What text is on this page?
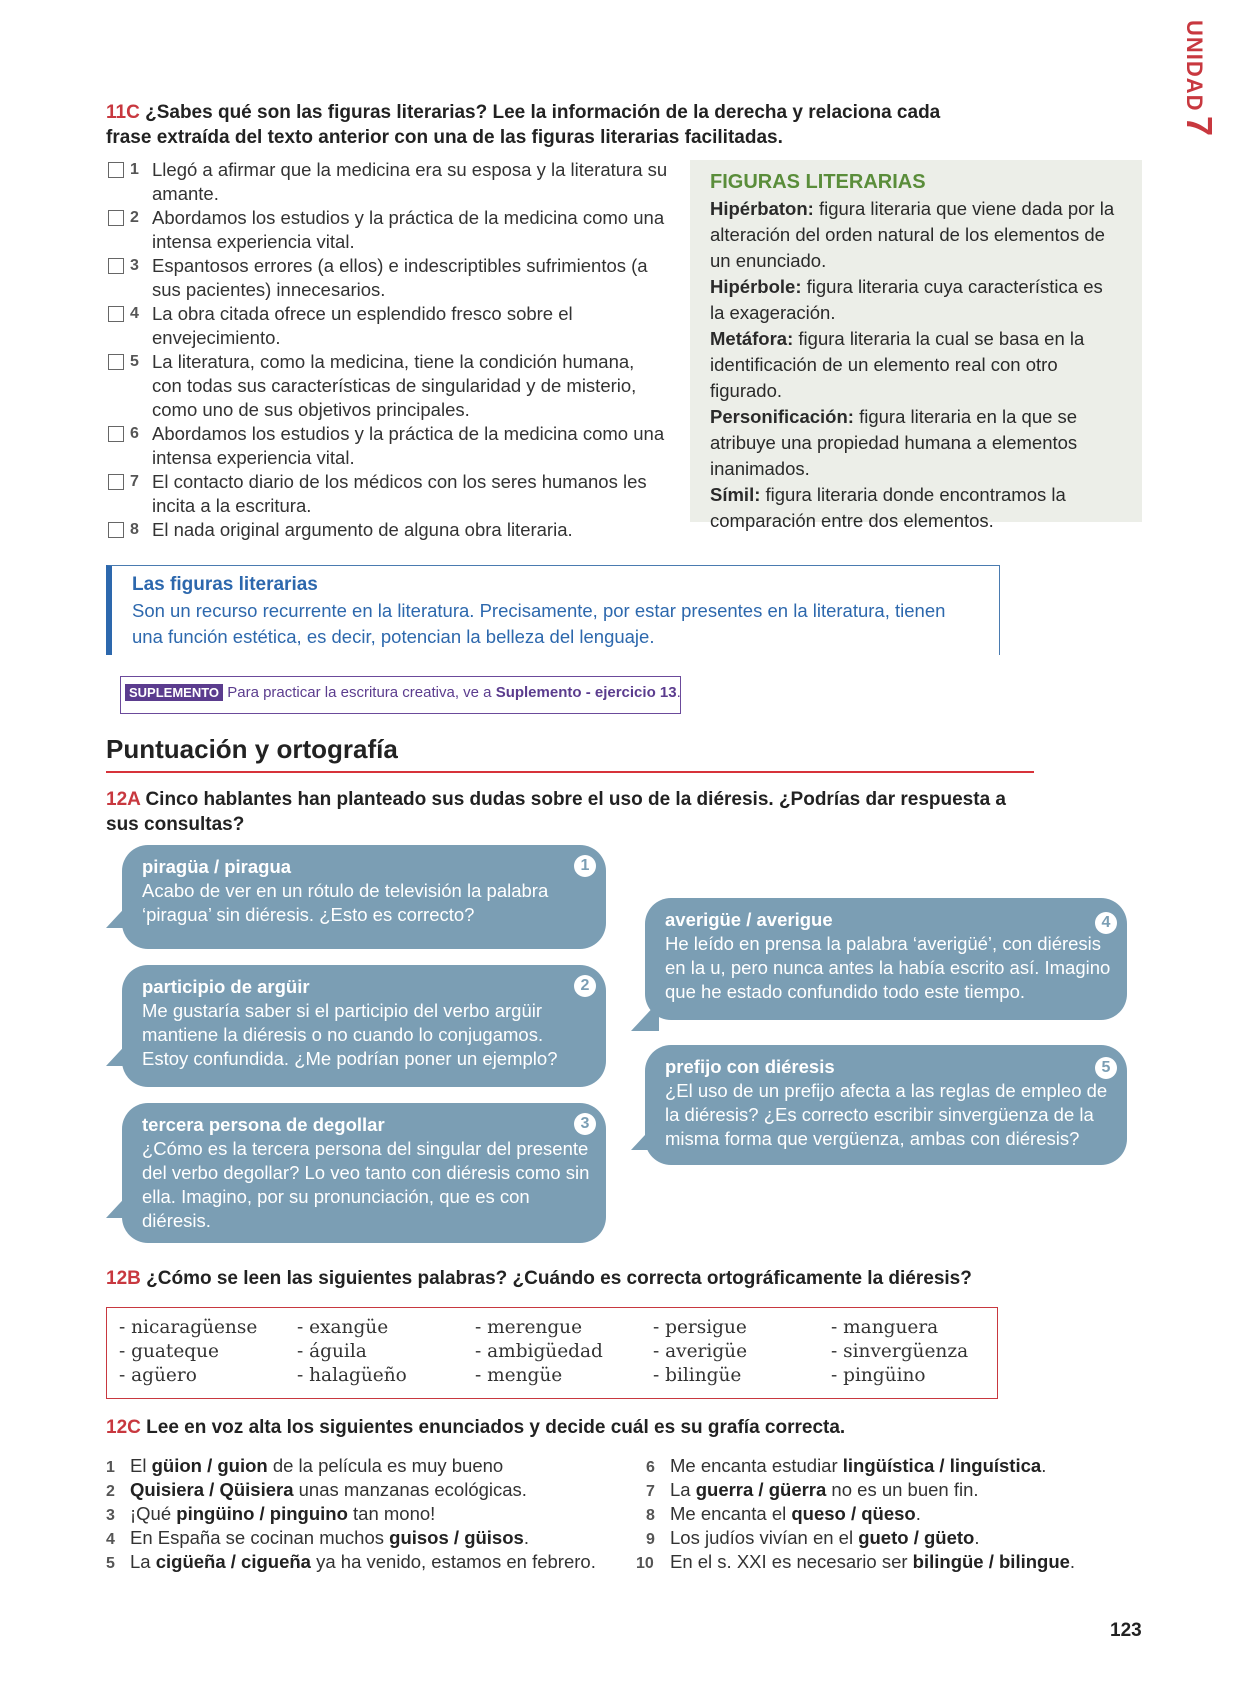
UNIDAD 7
11C ¿Sabes qué son las figuras literarias? Lee la información de la derecha y relaciona cada frase extraída del texto anterior con una de las figuras literarias facilitadas.
1 Llegó a afirmar que la medicina era su esposa y la literatura su amante.
2 Abordamos los estudios y la práctica de la medicina como una intensa experiencia vital.
3 Espantosos errores (a ellos) e indescriptibles sufrimientos (a sus pacientes) innecesarios.
4 La obra citada ofrece un esplendido fresco sobre el envejecimiento.
5 La literatura, como la medicina, tiene la condición humana, con todas sus características de singularidad y de misterio, como uno de sus objetivos principales.
6 Abordamos los estudios y la práctica de la medicina como una intensa experiencia vital.
7 El contacto diario de los médicos con los seres humanos les incita a la escritura.
8 El nada original argumento de alguna obra literaria.
FIGURAS LITERARIAS
Hipérbaton: figura literaria que viene dada por la alteración del orden natural de los elementos de un enunciado.
Hipérbole: figura literaria cuya característica es la exageración.
Metáfora: figura literaria la cual se basa en la identificación de un elemento real con otro figurado.
Personificación: figura literaria en la que se atribuye una propiedad humana a elementos inanimados.
Símil: figura literaria donde encontramos la comparación entre dos elementos.
Las figuras literarias
Son un recurso recurrente en la literatura. Precisamente, por estar presentes en la literatura, tienen una función estética, es decir, potencian la belleza del lenguaje.
SUPLEMENTO Para practicar la escritura creativa, ve a Suplemento - ejercicio 13.
Puntuación y ortografía
12A Cinco hablantes han planteado sus dudas sobre el uso de la diéresis. ¿Podrías dar respuesta a sus consultas?
1
piragüa / piragua
Acabo de ver en un rótulo de televisión la palabra ‘piragua’ sin diéresis. ¿Esto es correcto?
2
participio de argüir
Me gustaría saber si el participio del verbo argüir mantiene la diéresis o no cuando lo conjugamos. Estoy confundida. ¿Me podrían poner un ejemplo?
3
tercera persona de degollar
¿Cómo es la tercera persona del singular del presente del verbo degollar? Lo veo tanto con diéresis como sin ella. Imagino, por su pronunciación, que es con diéresis.
4
averigüe / averigue
He leído en prensa la palabra ‘averigüé’, con diéresis en la u, pero nunca antes la había escrito así. Imagino que he estado confundido todo este tiempo.
5
prefijo con diéresis
¿El uso de un prefijo afecta a las reglas de empleo de la diéresis? ¿Es correcto escribir sinvergüenza de la misma forma que vergüenza, ambas con diéresis?
12B ¿Cómo se leen las siguientes palabras? ¿Cuándo es correcta ortográficamente la diéresis?
- nicaragüense - exangüe	- merengue	- persigue	- manguera
- guateque	- águila	- ambigüedad	- averigüe	- sinvergüenza
- agüero	- halagüeño	- mengüe	- bilingüe	- pingüino
12C Lee en voz alta los siguientes enunciados y decide cuál es su grafía correcta.
1 El güion / guion de la película es muy bueno
2 Quisiera / Qüisiera unas manzanas ecológicas.
3 ¡Qué pingüino / pinguino tan mono!
4 En España se cocinan muchos guisos / güisos.
5 La cigüeña / cigueña ya ha venido, estamos en febrero.
6 Me encanta estudiar lingüística / linguística.
7 La guerra / güerra no es un buen fin.
8 Me encanta el queso / qüeso.
9 Los judíos vivían en el gueto / güeto.
10 En el s. XXI es necesario ser bilingüe / bilingue.
123
